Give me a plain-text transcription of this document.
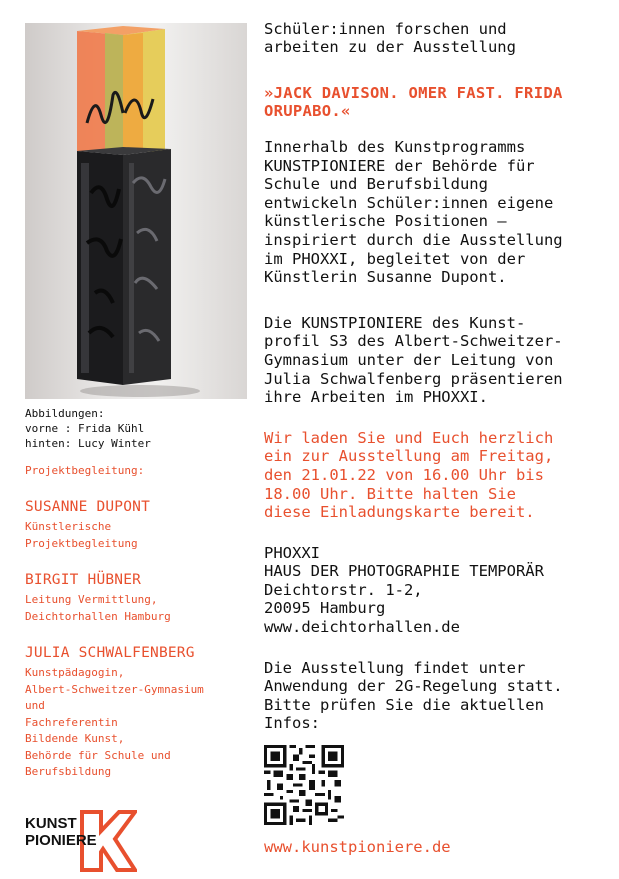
Abbildungen:
vorne : Frida Kühl
hinten: Lucy Winter
Projektbegleitung:
SUSANNE DUPONT
Künstlerische
Projektbegleitung
BIRGIT HÜBNER
Leitung Vermittlung,
Deichtorhallen Hamburg
JULIA SCHWALFENBERG
Kunstpädagogin,
Albert-Schweitzer-Gymnasium
und
Fachreferentin
Bildende Kunst,
Behörde für Schule und
Berufsbildung
KUNST
PIONIERE
Schüler:innen forschen und
arbeiten zu der Ausstellung
»JACK DAVISON. OMER FAST. FRIDA
ORUPABO.«
Innerhalb des Kunstprogramms
KUNSTPIONIERE der Behörde für
Schule und Berufsbildung
entwickeln Schüler:innen eigene
künstlerische Positionen –
inspiriert durch die Ausstellung
im PHOXXI, begleitet von der
Künstlerin Susanne Dupont.
Die KUNSTPIONIERE des Kunst-
profil S3 des Albert-Schweitzer-
Gymnasium unter der Leitung von
Julia Schwalfenberg präsentieren
ihre Arbeiten im PHOXXI.
Wir laden Sie und Euch herzlich
ein zur Ausstellung am Freitag,
den 21.01.22 von 16.00 Uhr bis
18.00 Uhr. Bitte halten Sie
diese Einladungskarte bereit.
PHOXXI
HAUS DER PHOTOGRAPHIE TEMPORÄR
Deichtorstr. 1-2,
20095 Hamburg
www.deichtorhallen.de
Die Ausstellung findet unter
Anwendung der 2G-Regelung statt.
Bitte prüfen Sie die aktuellen
Infos:
www.kunstpioniere.de
